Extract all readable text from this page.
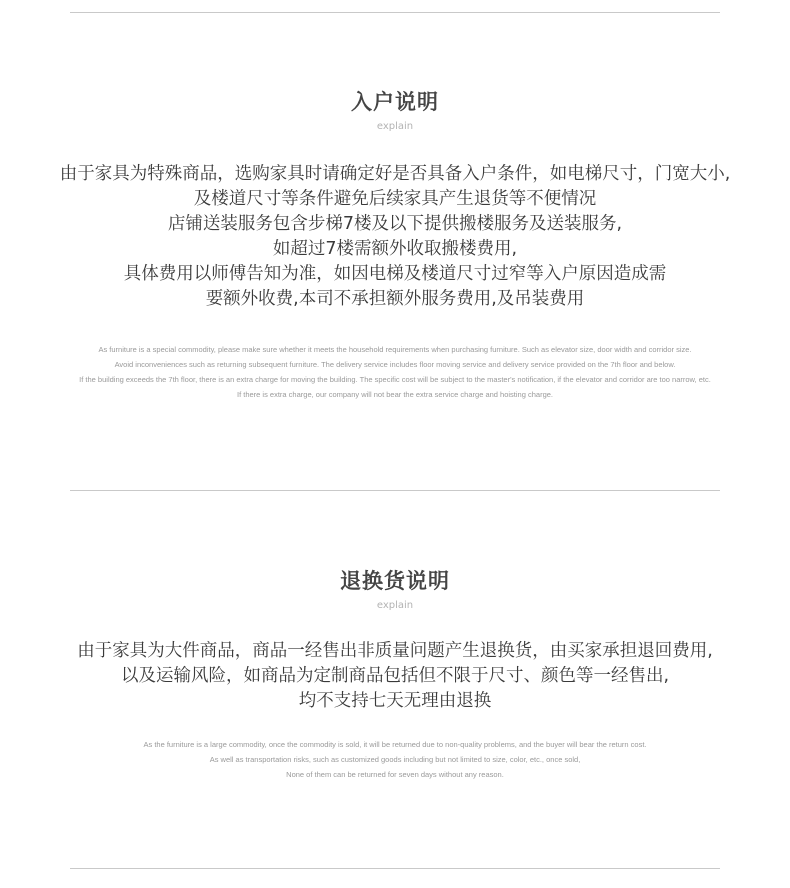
入户说明
explain
由于家具为特殊商品，选购家具时请确定好是否具备入户条件，如电梯尺寸，门宽大小,
及楼道尺寸等条件避免后续家具产生退货等不便情况
店铺送装服务包含步梯7楼及以下提供搬楼服务及送装服务,
如超过7楼需额外收取搬楼费用,
具体费用以师傅告知为准，如因电梯及楼道尺寸过窄等入户原因造成需
要额外收费,本司不承担额外服务费用,及吊装费用
As furniture is a special commodity, please make sure whether it meets the household requirements when purchasing furniture. Such as elevator size, door width and corridor size.
Avoid inconveniences such as returning subsequent furniture. The delivery service includes floor moving service and delivery service provided on the 7th floor and below.
If the building exceeds the 7th floor, there is an extra charge for moving the building. The specific cost will be subject to the master's notification, if the elevator and corridor are too narrow, etc.
If there is extra charge, our company will not bear the extra service charge and hoisting charge.
退换货说明
explain
由于家具为大件商品，商品一经售出非质量问题产生退换货，由买家承担退回费用,
以及运输风险，如商品为定制商品包括但不限于尺寸、颜色等一经售出,
均不支持七天无理由退换
As the furniture is a large commodity, once the commodity is sold, it will be returned due to non-quality problems, and the buyer will bear the return cost.
As well as transportation risks, such as customized goods including but not limited to size, color, etc., once sold,
None of them can be returned for seven days without any reason.
